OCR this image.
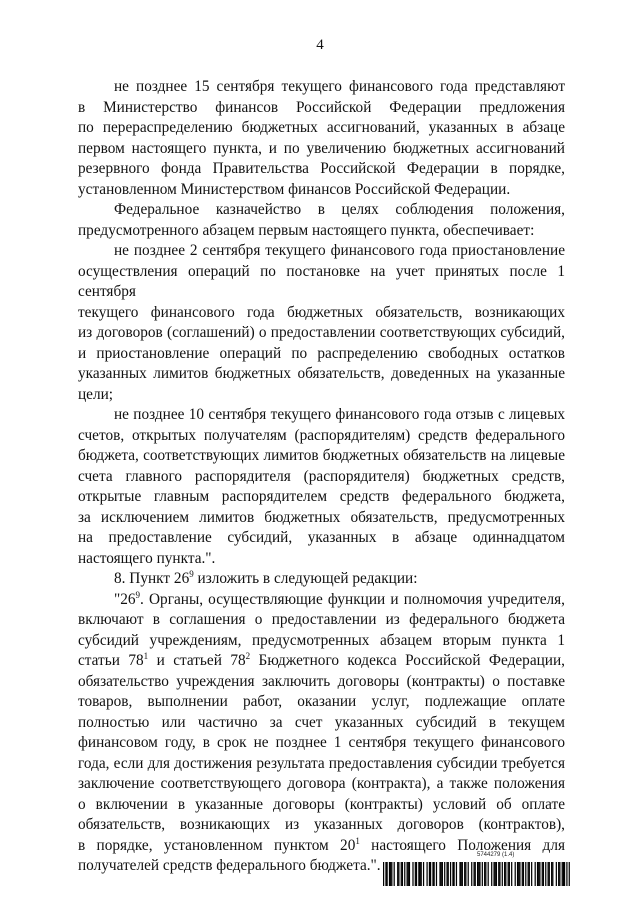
4
не позднее 15 сентября текущего финансового года представляют
в Министерство финансов Российской Федерации предложения
по перераспределению бюджетных ассигнований, указанных в абзаце
первом настоящего пункта, и по увеличению бюджетных ассигнований
резервного фонда Правительства Российской Федерации в порядке,
установленном Министерством финансов Российской Федерации.
Федеральное казначейство в целях соблюдения положения,
предусмотренного абзацем первым настоящего пункта, обеспечивает:
не позднее 2 сентября текущего финансового года приостановление
осуществления операций по постановке на учет принятых после 1 сентября
текущего финансового года бюджетных обязательств, возникающих
из договоров (соглашений) о предоставлении соответствующих субсидий,
и приостановление операций по распределению свободных остатков
указанных лимитов бюджетных обязательств, доведенных на указанные
цели;
не позднее 10 сентября текущего финансового года отзыв с лицевых
счетов, открытых получателям (распорядителям) средств федерального
бюджета, соответствующих лимитов бюджетных обязательств на лицевые
счета главного распорядителя (распорядителя) бюджетных средств,
открытые главным распорядителем средств федерального бюджета,
за исключением лимитов бюджетных обязательств, предусмотренных
на предоставление субсидий, указанных в абзаце одиннадцатом
настоящего пункта.".
8. Пункт $26^9$ изложить в следующей редакции:
"$26^9$. Органы, осуществляющие функции и полномочия учредителя,
включают в соглашения о предоставлении из федерального бюджета
субсидий учреждениям, предусмотренных абзацем вторым пункта 1
статьи $78^1$ и статьей $78^2$ Бюджетного кодекса Российской Федерации,
обязательство учреждения заключить договоры (контракты) о поставке
товаров, выполнении работ, оказании услуг, подлежащие оплате
полностью или частично за счет указанных субсидий в текущем
финансовом году, в срок не позднее 1 сентября текущего финансового
года, если для достижения результата предоставления субсидии требуется
заключение соответствующего договора (контракта), а также положения
о включении в указанные договоры (контракты) условий об оплате
обязательств, возникающих из указанных договоров (контрактов),
в порядке, установленном пунктом $20^1$ настоящего Положения для
получателей средств федерального бюджета.".
5744279 (1.4)
